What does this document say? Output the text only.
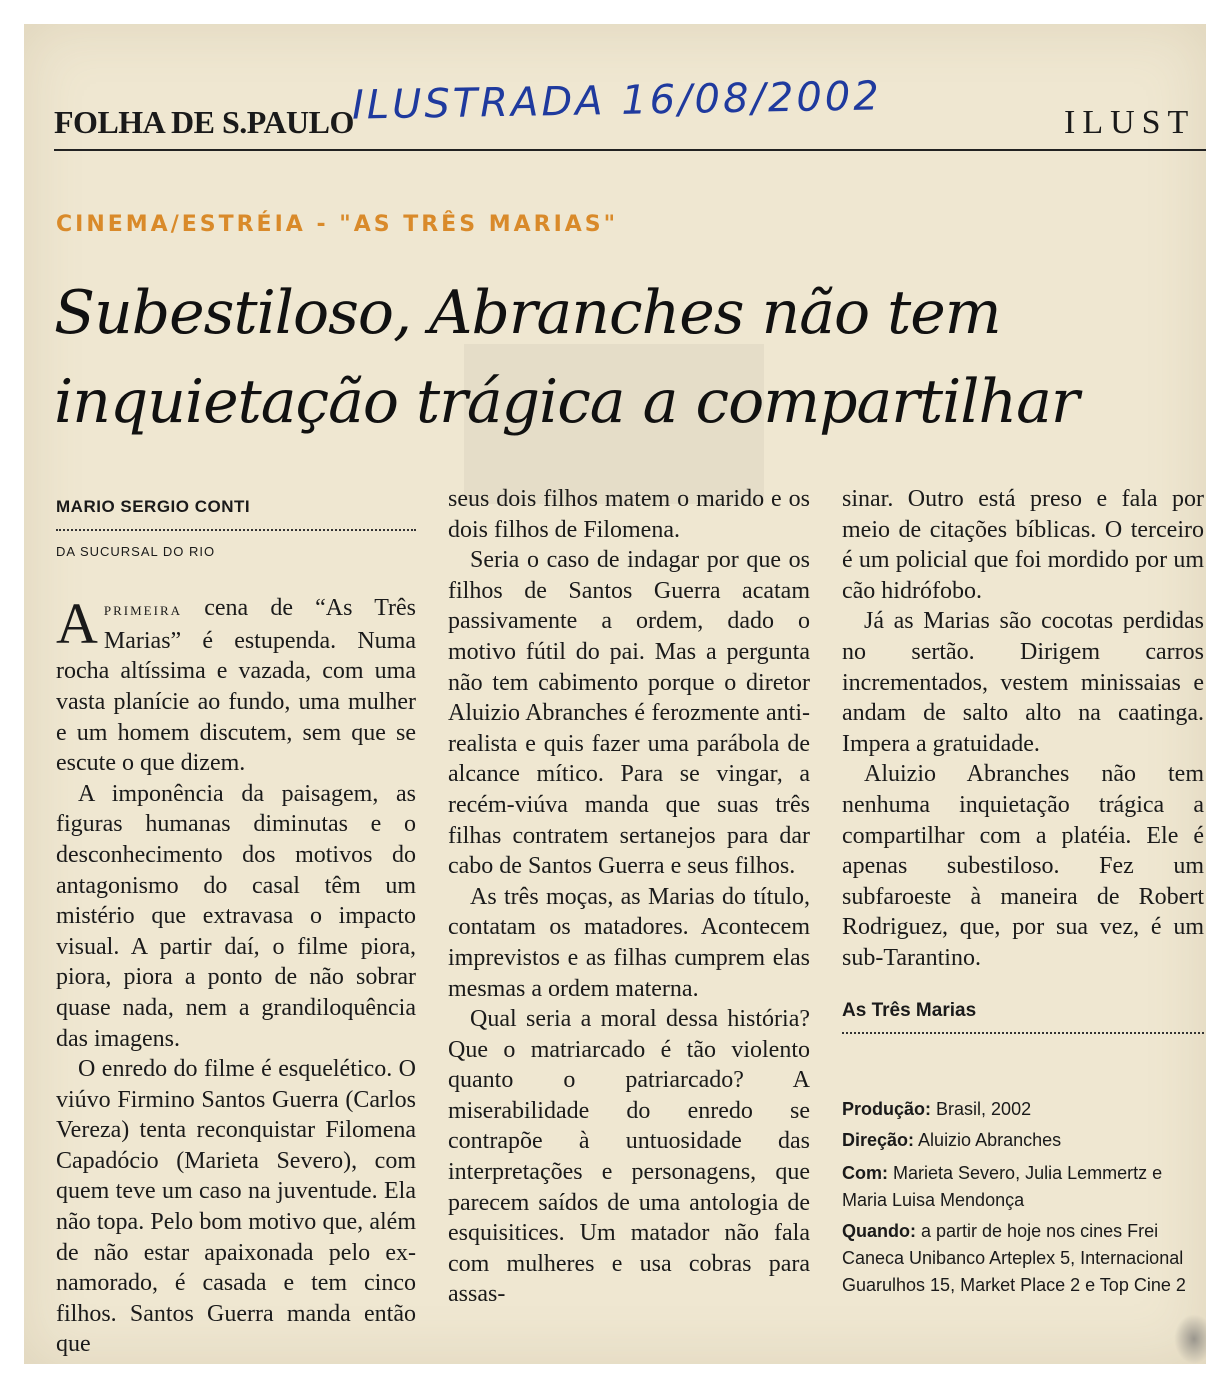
FOLHA DE S.PAULO
ILUSTRADA 16/08/2002	ILUST
CINEMA/ESTRÉIA - "AS TRÊS MARIAS"
Subestiloso, Abranches não tem
inquietação trágica a compartilhar
MARIO SERGIO CONTI
DA SUCURSAL DO RIO

Aprimeira cena de “As Três Marias” é estupenda. Numa rocha altíssima e vazada, com uma vasta planície ao fundo, uma mulher e um homem discutem, sem que se escute o que dizem.

A imponência da paisagem, as figuras humanas diminutas e o desconhecimento dos motivos do antagonismo do casal têm um mistério que extravasa o impacto visual. A partir daí, o filme piora, piora, piora a ponto de não sobrar quase nada, nem a grandiloquência das imagens.

O enredo do filme é esquelético. O viúvo Firmino Santos Guerra (Carlos Vereza) tenta reconquistar Filomena Capadócio (Marieta Severo), com quem teve um caso na juventude. Ela não topa. Pelo bom motivo que, além de não estar apaixonada pelo ex-namorado, é casada e tem cinco filhos. Santos Guerra manda então que

seus dois filhos matem o marido e os dois filhos de Filomena.

Seria o caso de indagar por que os filhos de Santos Guerra acatam passivamente a ordem, dado o motivo fútil do pai. Mas a pergunta não tem cabimento porque o diretor Aluizio Abranches é ferozmente anti-realista e quis fazer uma parábola de alcance mítico. Para se vingar, a recém-viúva manda que suas três filhas contratem sertanejos para dar cabo de Santos Guerra e seus filhos.

As três moças, as Marias do título, contatam os matadores. Acontecem imprevistos e as filhas cumprem elas mesmas a ordem materna.

Qual seria a moral dessa história? Que o matriarcado é tão violento quanto o patriarcado? A miserabilidade do enredo se contrapõe à untuosidade das interpretações e personagens, que parecem saídos de uma antologia de esquisitices. Um matador não fala com mulheres e usa cobras para assas-

sinar. Outro está preso e fala por meio de citações bíblicas. O terceiro é um policial que foi mordido por um cão hidrófobo.

Já as Marias são cocotas perdidas no sertão. Dirigem carros incrementados, vestem minissaias e andam de salto alto na caatinga. Impera a gratuidade.

Aluizio Abranches não tem nenhuma inquietação trágica a compartilhar com a platéia. Ele é apenas subestiloso. Fez um subfaroeste à maneira de Robert Rodriguez, que, por sua vez, é um sub-Tarantino.

As Três Marias
Produção: Brasil, 2002
Direção: Aluizio Abranches
Com: Marieta Severo, Julia Lemmertz e Maria Luisa Mendonça
Quando: a partir de hoje nos cines Frei Caneca Unibanco Arteplex 5, Internacional Guarulhos 15, Market Place 2 e Top Cine 2
